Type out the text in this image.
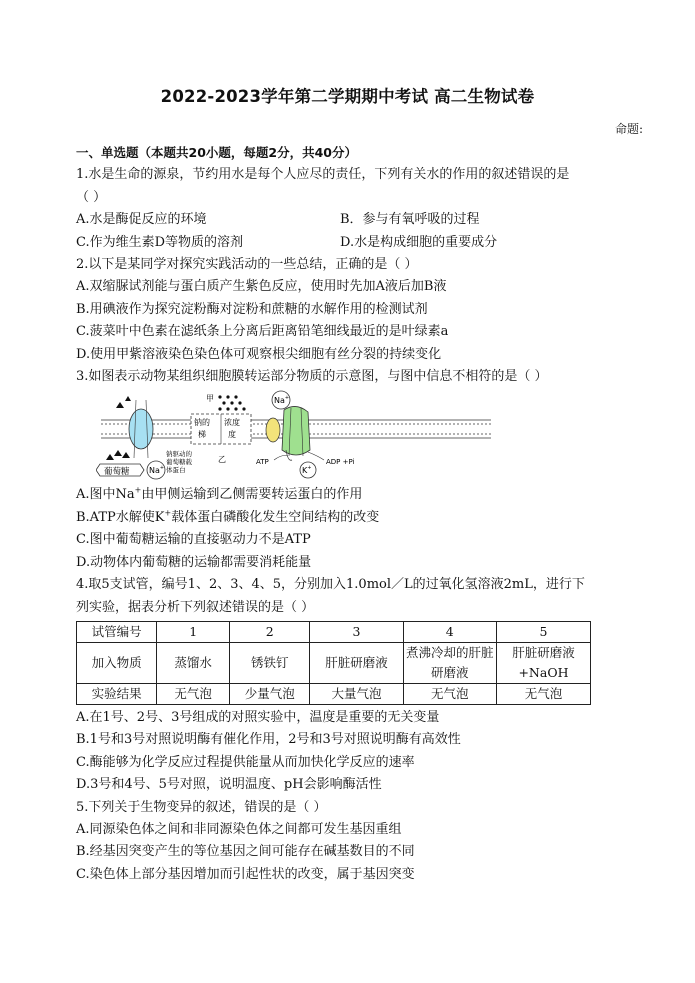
2022-2023学年第二学期期中考试 高二生物试卷
命题:
一、单选题（本题共20小题，每题2分，共40分）
1.水是生命的源泉，节约用水是每个人应尽的责任，下列有关水的作用的叙述错误的是
（ ）
A.水是酶促反应的环境	B．参与有氧呼吸的过程
C.作为维生素D等物质的溶剂	D.水是构成细胞的重要成分
2.以下是某同学对探究实践活动的一些总结，正确的是（ ）
A.双缩脲试剂能与蛋白质产生紫色反应，使用时先加A液后加B液
B.用碘液作为探究淀粉酶对淀粉和蔗糖的水解作用的检测试剂
C.菠菜叶中色素在滤纸条上分离后距离铅笔细线最近的是叶绿素a
D.使用甲紫溶液染色染色体可观察根尖细胞有丝分裂的持续变化
3.如图表示动物某组织细胞膜转运部分物质的示意图，与图中信息不相符的是（ ）
钠的 浓度
梯	度
葡萄糖 Na+
钠驱动的
葡萄糖载
体蛋白
甲
乙
Na+
ATP	ADP +Pi
K+
A.图中Na+由甲侧运输到乙侧需要转运蛋白的作用
B.ATP水解使K+载体蛋白磷酸化发生空间结构的改变
C.图中葡萄糖运输的直接驱动力不是ATP
D.动物体内葡萄糖的运输都需要消耗能量
4.取5支试管，编号1、2、3、4、5，分别加入1.0mol／L的过氧化氢溶液2mL，进行下
列实验，据表分析下列叙述错误的是（ ）
试管编号	1	2	3	4	5
加入物质	蒸馏水	锈铁钉	肝脏研磨液	煮沸冷却的肝脏研磨液	肝脏研磨液+NaOH
实验结果	无气泡	少量气泡	大量气泡	无气泡	无气泡
A.在1号、2号、3号组成的对照实验中，温度是重要的无关变量
B.1号和3号对照说明酶有催化作用，2号和3号对照说明酶有高效性
C.酶能够为化学反应过程提供能量从而加快化学反应的速率
D.3号和4号、5号对照，说明温度、pH会影响酶活性
5.下列关于生物变异的叙述，错误的是（ ）
A.同源染色体之间和非同源染色体之间都可发生基因重组
B.经基因突变产生的等位基因之间可能存在碱基数目的不同
C.染色体上部分基因增加而引起性状的改变，属于基因突变
